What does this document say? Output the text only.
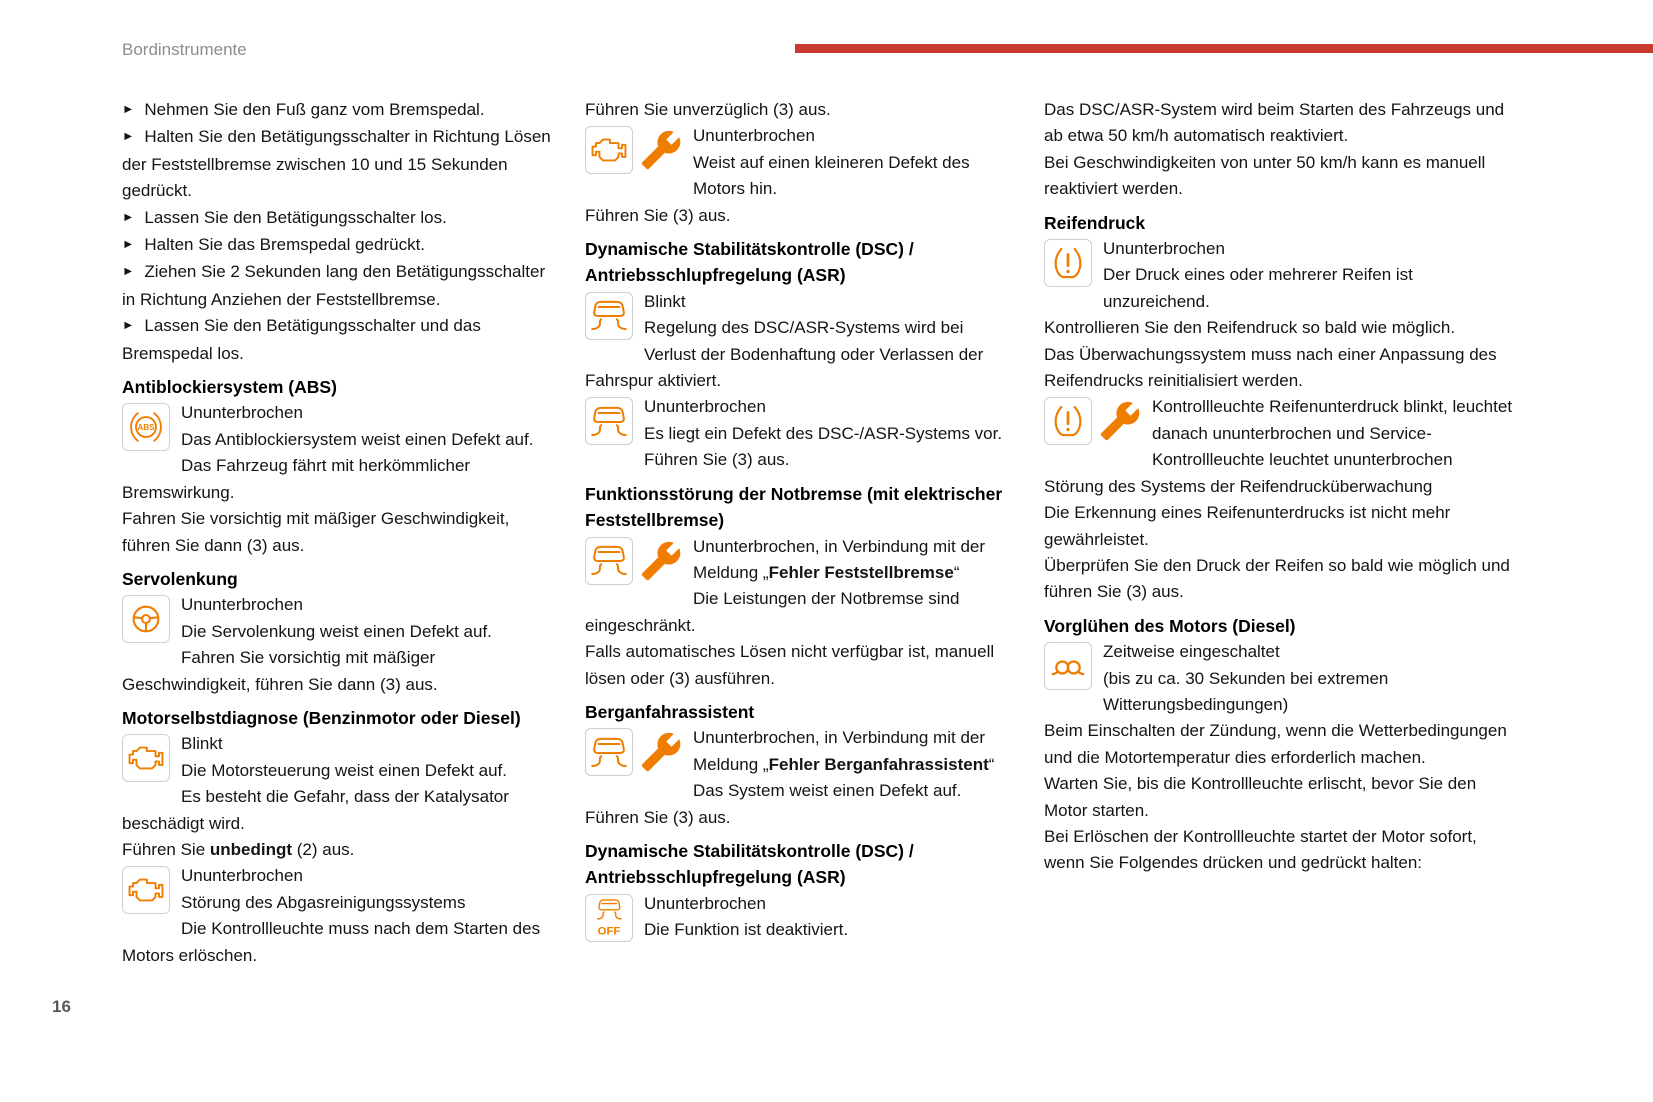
Bordinstrumente

► Nehmen Sie den Fuß ganz vom Bremspedal.

► Halten Sie den Betätigungsschalter in Richtung Lösen der Feststellbremse zwischen 10 und 15 Sekunden gedrückt.

► Lassen Sie den Betätigungsschalter los.

► Halten Sie das Bremspedal gedrückt.

► Ziehen Sie 2 Sekunden lang den Betätigungsschalter in Richtung Anziehen der Feststellbremse.

► Lassen Sie den Betätigungsschalter und das Bremspedal los.

Antiblockiersystem (ABS)

Ununterbrochen

Das Antiblockiersystem weist einen Defekt auf.

Das Fahrzeug fährt mit herkömmlicher Bremswirkung.

Fahren Sie vorsichtig mit mäßiger Geschwindigkeit, führen Sie dann (3) aus.

Servolenkung

Ununterbrochen

Die Servolenkung weist einen Defekt auf.

Fahren Sie vorsichtig mit mäßiger Geschwindigkeit, führen Sie dann (3) aus.

Motorselbstdiagnose (Benzinmotor oder Diesel)

Blinkt

Die Motorsteuerung weist einen Defekt auf.

Es besteht die Gefahr, dass der Katalysator beschädigt wird.

Führen Sie unbedingt (2) aus.

Ununterbrochen

Störung des Abgasreinigungssystems

Die Kontrollleuchte muss nach dem Starten des Motors erlöschen.

Führen Sie unverzüglich (3) aus.

Ununterbrochen

Weist auf einen kleineren Defekt des Motors hin.

Führen Sie (3) aus.

Dynamische Stabilitätskontrolle (DSC) / Antriebsschlupfregelung (ASR)

Blinkt

Regelung des DSC/ASR-Systems wird bei Verlust der Bodenhaftung oder Verlassen der Fahrspur aktiviert.

Ununterbrochen

Es liegt ein Defekt des DSC-/ASR-Systems vor.

Führen Sie (3) aus.

Funktionsstörung der Notbremse (mit elektrischer Feststellbremse)

Ununterbrochen, in Verbindung mit der Meldung „Fehler Feststellbremse“

Die Leistungen der Notbremse sind eingeschränkt.

Falls automatisches Lösen nicht verfügbar ist, manuell lösen oder (3) ausführen.

Berganfahrassistent

Ununterbrochen, in Verbindung mit der Meldung „Fehler Berganfahrassistent“

Das System weist einen Defekt auf.

Führen Sie (3) aus.

Dynamische Stabilitätskontrolle (DSC) / Antriebsschlupfregelung (ASR)

Ununterbrochen

Die Funktion ist deaktiviert.

Das DSC/ASR-System wird beim Starten des Fahrzeugs und ab etwa 50 km/h automatisch reaktiviert.

Bei Geschwindigkeiten von unter 50 km/h kann es manuell reaktiviert werden.

Reifendruck

Ununterbrochen

Der Druck eines oder mehrerer Reifen ist unzureichend.

Kontrollieren Sie den Reifendruck so bald wie möglich.

Das Überwachungssystem muss nach einer Anpassung des Reifendrucks reinitialisiert werden.

Kontrollleuchte Reifenunterdruck blinkt, leuchtet danach ununterbrochen und Service-Kontrollleuchte leuchtet ununterbrochen

Störung des Systems der Reifendrucküberwachung

Die Erkennung eines Reifenunterdrucks ist nicht mehr gewährleistet.

Überprüfen Sie den Druck der Reifen so bald wie möglich und führen Sie (3) aus.

Vorglühen des Motors (Diesel)

Zeitweise eingeschaltet

(bis zu ca. 30 Sekunden bei extremen Witterungsbedingungen)

Beim Einschalten der Zündung, wenn die Wetterbedingungen und die Motortemperatur dies erforderlich machen.

Warten Sie, bis die Kontrollleuchte erlischt, bevor Sie den Motor starten.

Bei Erlöschen der Kontrollleuchte startet der Motor sofort, wenn Sie Folgendes drücken und gedrückt halten:

16
